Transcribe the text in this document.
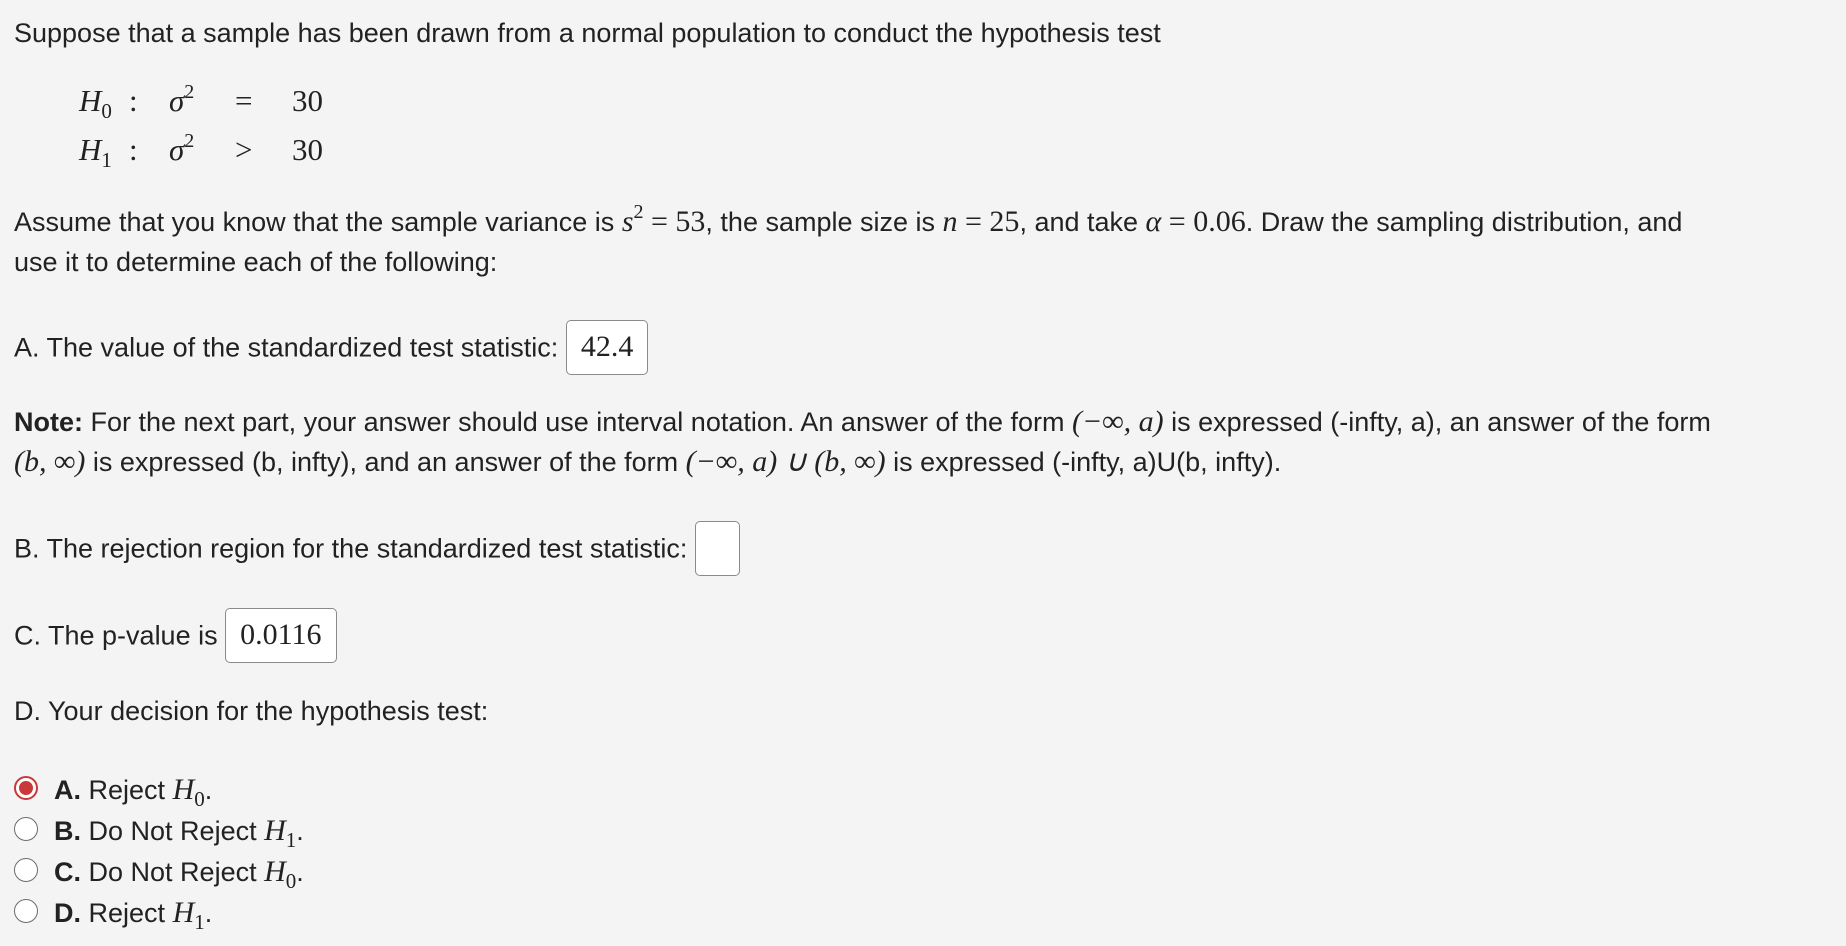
Suppose that a sample has been drawn from a normal population to conduct the hypothesis test
$H_0$ : $\sigma^2 = 30$
$H_1$ : $\sigma^2 > 30$
Assume that you know that the sample variance is $s^2 = 53$, the sample size is n = 25, and take α = 0.06. Draw the sampling distribution, and
use it to determine each of the following:
A. The value of the standardized test statistic: 42.4
Note: For the next part, your answer should use interval notation. An answer of the form (−∞, a) is expressed (-infty, a), an answer of the form
(b, ∞) is expressed (b, infty), and an answer of the form (−∞, a) ∪ (b, ∞) is expressed (-infty, a)U(b, infty).
B. The rejection region for the standardized test statistic:
C. The p-value is 0.0116
D. Your decision for the hypothesis test:
A. Reject $H_0$.
B. Do Not Reject $H_1$.
C. Do Not Reject $H_0$.
D. Reject $H_1$.
